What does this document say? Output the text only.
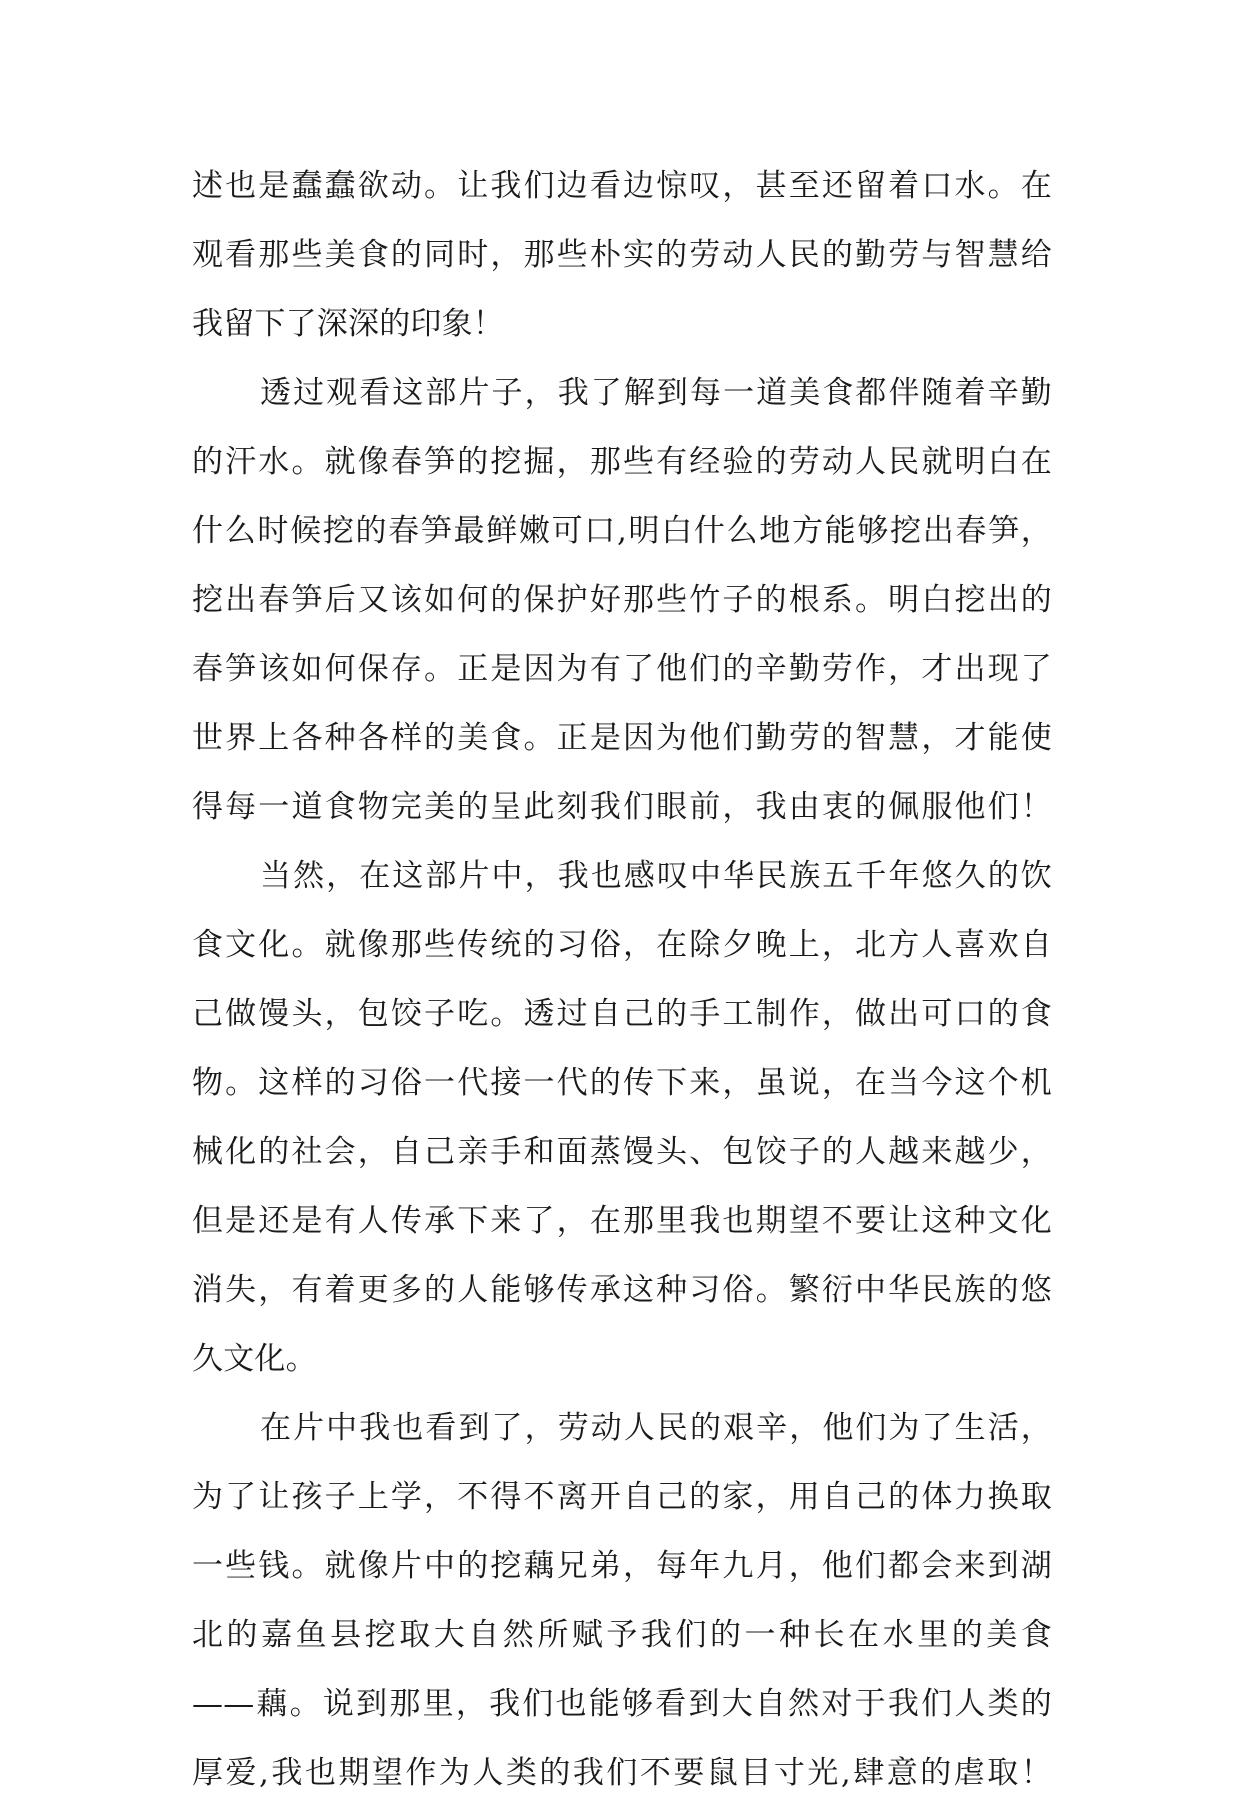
述也是蠢蠢欲动。让我们边看边惊叹，甚至还留着口水。在
观看那些美食的同时，那些朴实的劳动人民的勤劳与智慧给
我留下了深深的印象！
透过观看这部片子，我了解到每一道美食都伴随着辛勤
的汗水。就像春笋的挖掘，那些有经验的劳动人民就明白在
什么时候挖的春笋最鲜嫩可口,明白什么地方能够挖出春笋，
挖出春笋后又该如何的保护好那些竹子的根系。明白挖出的
春笋该如何保存。正是因为有了他们的辛勤劳作，才出现了
世界上各种各样的美食。正是因为他们勤劳的智慧，才能使
得每一道食物完美的呈此刻我们眼前，我由衷的佩服他们！
当然，在这部片中，我也感叹中华民族五千年悠久的饮
食文化。就像那些传统的习俗，在除夕晚上，北方人喜欢自
己做馒头，包饺子吃。透过自己的手工制作，做出可口的食
物。这样的习俗一代接一代的传下来，虽说，在当今这个机
械化的社会，自己亲手和面蒸馒头、包饺子的人越来越少，
但是还是有人传承下来了，在那里我也期望不要让这种文化
消失，有着更多的人能够传承这种习俗。繁衍中华民族的悠
久文化。
在片中我也看到了，劳动人民的艰辛，他们为了生活，
为了让孩子上学，不得不离开自己的家，用自己的体力换取
一些钱。就像片中的挖藕兄弟，每年九月，他们都会来到湖
北的嘉鱼县挖取大自然所赋予我们的一种长在水里的美食
——藕。说到那里，我们也能够看到大自然对于我们人类的
厚爱,我也期望作为人类的我们不要鼠目寸光,肆意的虐取！
